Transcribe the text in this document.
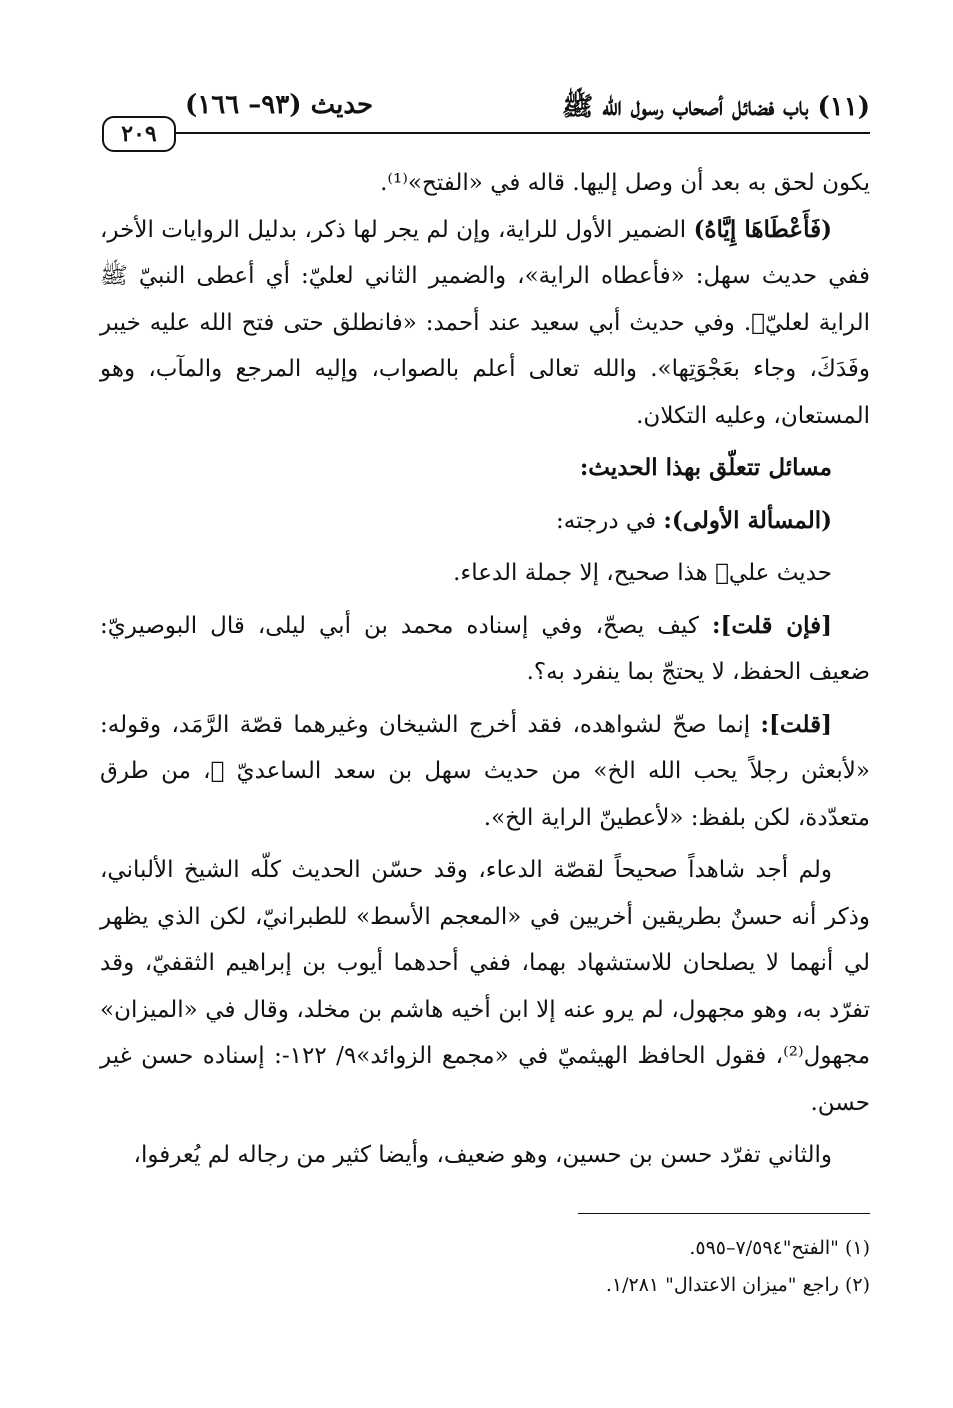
(١١) باب فضائل أصحاب رسول الله ﷺ
حديث (٩٣– ١٦٦)
٢٠٩

يكون لحق به بعد أن وصل إليها. قاله في «الفتح»⁽¹⁾.

(فَأَعْطَاهَا إِيَّاهُ) الضمير الأول للراية، وإن لم يجر لها ذكر، بدليل الروايات الأخر، ففي حديث سهل: «فأعطاه الراية»، والضمير الثاني لعليّ: أي أعطى النبيّ ﷺ الراية لعليّ﷜. وفي حديث أبي سعيد عند أحمد: «فانطلق حتى فتح الله عليه خيبر وفَدَكَ، وجاء بعَجْوَتِها». والله تعالى أعلم بالصواب، وإليه المرجع والمآب، وهو المستعان، وعليه التكلان.

مسائل تتعلّق بهذا الحديث:

(المسألة الأولى): في درجته:

حديث علي﷜ هذا صحيح، إلا جملة الدعاء.

[فإن قلت]: كيف يصحّ، وفي إسناده محمد بن أبي ليلى، قال البوصيريّ: ضعيف الحفظ، لا يحتجّ بما ينفرد به؟.

[قلت]: إنما صحّ لشواهده، فقد أخرج الشيخان وغيرهما قصّة الرَّمَد، وقوله: «لأبعثن رجلاً يحب الله الخ» من حديث سهل بن سعد الساعديّ ﷜، من طرق متعدّدة، لكن بلفظ: «لأعطينّ الراية الخ».

ولم أجد شاهداً صحيحاً لقصّة الدعاء، وقد حسّن الحديث كلّه الشيخ الألباني، وذكر أنه حسنٌ بطريقين أخريين في «المعجم الأسط» للطبرانيّ، لكن الذي يظهر لي أنهما لا يصلحان للاستشهاد بهما، ففي أحدهما أيوب بن إبراهيم الثقفيّ، وقد تفرّد به، وهو مجهول، لم يرو عنه إلا ابن أخيه هاشم بن مخلد، وقال في «الميزان» مجهول⁽²⁾، فقول الحافظ الهيثميّ في «مجمع الزوائد»٩/ ١٢٢-: إسناده حسن غير حسن.

والثاني تفرّد حسن بن حسين، وهو ضعيف، وأيضا كثير من رجاله لم يُعرفوا،

(١) "الفتح"٧/٥٩٤–٥٩٥.

(٢) راجع "ميزان الاعتدال" ١/٢٨١.
